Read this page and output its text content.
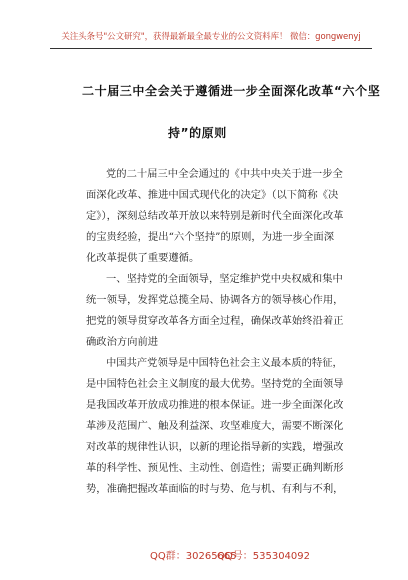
关注头条号"公文研究"，获得最新最全最专业的公文资料库！ 微信：gongwenyj
二十届三中全会关于遵循进一步全面深化改革“六个坚
持”的原则
党的二十届三中全会通过的《中共中央关于进一步全
面深化改革、推进中国式现代化的决定》（以下简称《决
定》），深刻总结改革开放以来特别是新时代全面深化改革
的宝贵经验，提出“六个坚持”的原则，为进一步全面深
化改革提供了重要遵循。
一、坚持党的全面领导，坚定维护党中央权威和集中
统一领导，发挥党总揽全局、协调各方的领导核心作用，
把党的领导贯穿改革各方面全过程，确保改革始终沿着正
确政治方向前进
中国共产党领导是中国特色社会主义最本质的特征，
是中国特色社会主义制度的最大优势。坚持党的全面领导
是我国改革开放成功推进的根本保证。进一步全面深化改
革涉及范围广、触及利益深、攻坚难度大，需要不断深化
对改革的规律性认识，以新的理论指导新的实践，增强改
革的科学性、预见性、主动性、创造性；需要正确判断形
势，准确把握改革面临的时与势、危与机、有利与不利，
QQ群：30265665
QQ号：535304092
